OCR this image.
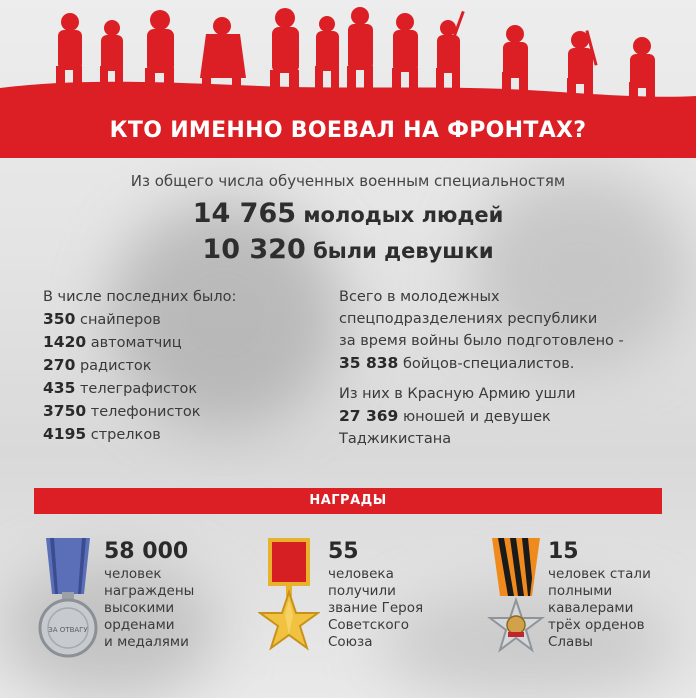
КТО ИМЕННО ВОЕВАЛ НА ФРОНТАХ?
Из общего числа обученных военным специальностям
14 765 молодых людей
10 320 были девушки
В числе последних было:
350 снайперов
1420 автоматчиц
270 радисток
435 телеграфисток
3750 телефонисток
4195 стрелков

Всего в молодежных
спецподразделениях республики
за время войны было подготовлено -
35 838 бойцов-специалистов.

Из них в Красную Армию ушли
27 369 юношей и девушек
Таджикистана

НАГРАДЫ
ЗА ОТВАГУ
58 000
человек
награждены
высокими
орденами
и медалями
55
человека
получили
звание Героя
Советского
Союза
15
человек стали
полными
кавалерами
трёх орденов
Славы
